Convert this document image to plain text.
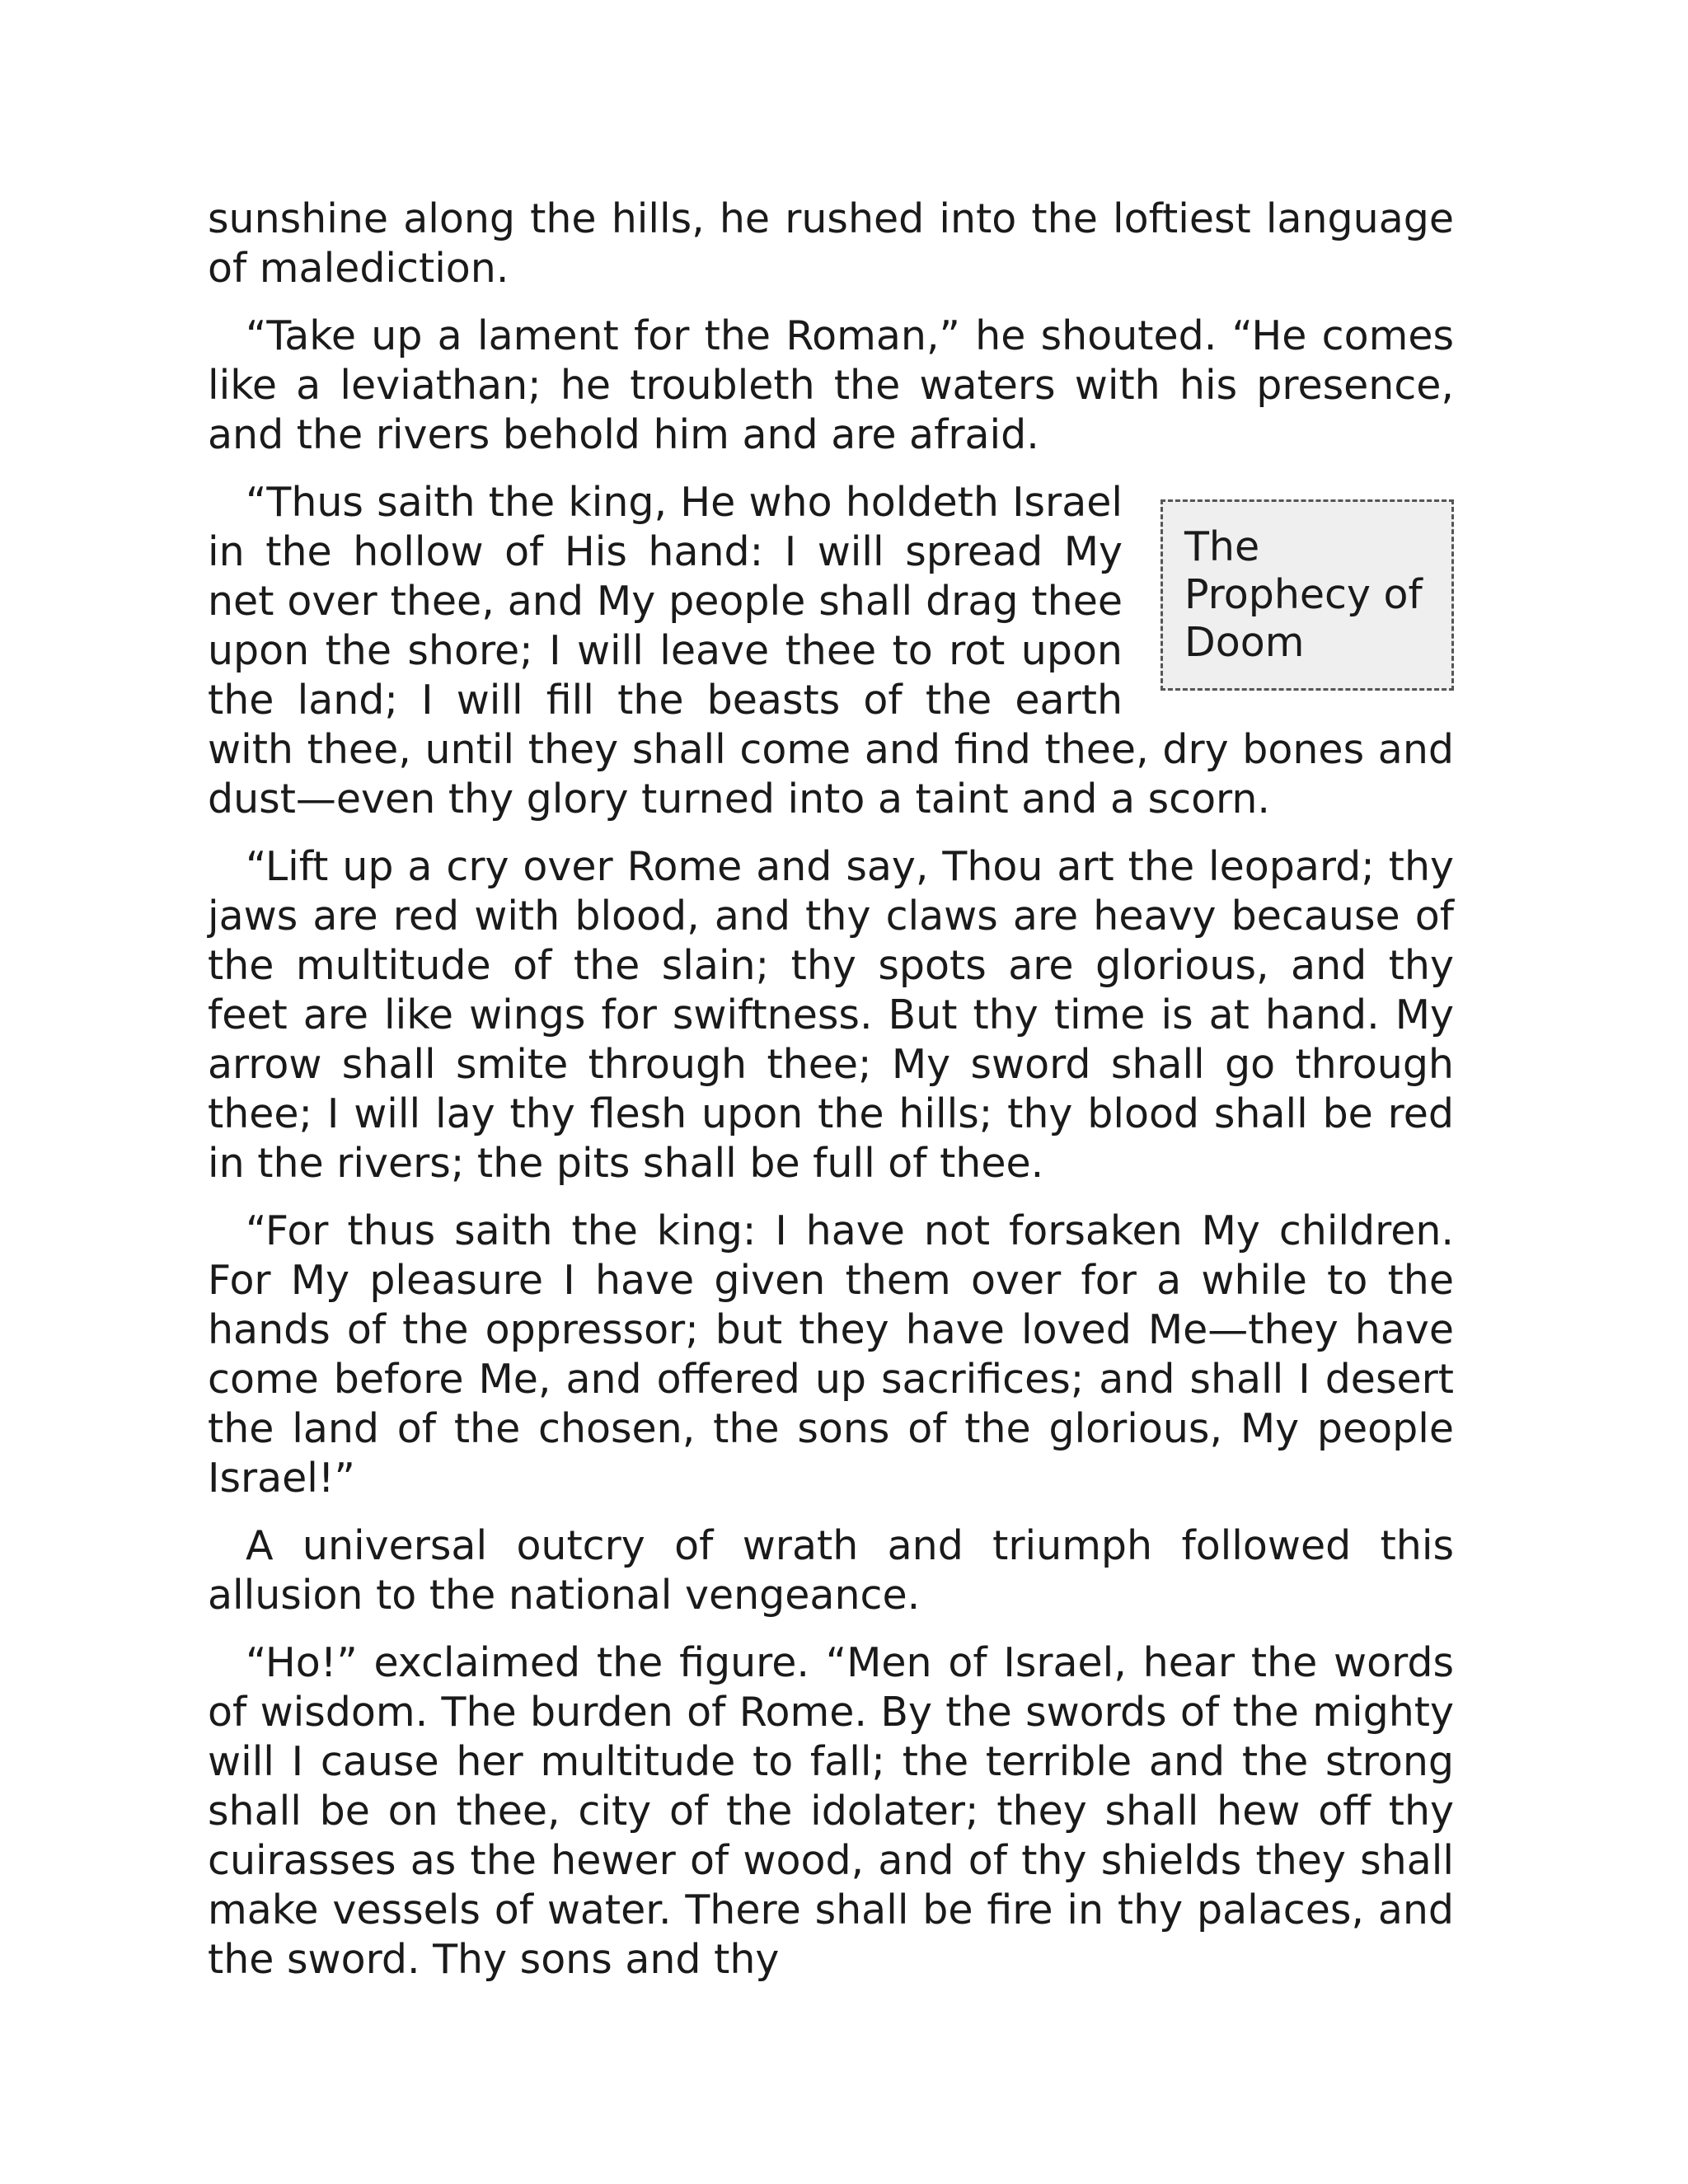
sunshine along the hills, he rushed into the loftiest language of malediction.

“Take up a lament for the Roman,” he shouted. “He comes like a leviathan; he troubleth the waters with his presence, and the rivers behold him and are afraid.

The Prophecy of Doom

“Thus saith the king, He who holdeth Israel in the hollow of His hand: I will spread My net over thee, and My people shall drag thee upon the shore; I will leave thee to rot upon the land; I will fill the beasts of the earth with thee, until they shall come and find thee, dry bones and dust—even thy glory turned into a taint and a scorn.

“Lift up a cry over Rome and say, Thou art the leopard; thy jaws are red with blood, and thy claws are heavy because of the multitude of the slain; thy spots are glorious, and thy feet are like wings for swiftness. But thy time is at hand. My arrow shall smite through thee; My sword shall go through thee; I will lay thy flesh upon the hills; thy blood shall be red in the rivers; the pits shall be full of thee.

“For thus saith the king: I have not forsaken My children. For My pleasure I have given them over for a while to the hands of the oppressor; but they have loved Me—they have come before Me, and offered up sacrifices; and shall I desert the land of the chosen, the sons of the glorious, My people Israel!”

A universal outcry of wrath and triumph followed this allusion to the national vengeance.

“Ho!” exclaimed the figure. “Men of Israel, hear the words of wisdom. The burden of Rome. By the swords of the mighty will I cause her multitude to fall; the terrible and the strong shall be on thee, city of the idolater; they shall hew off thy cuirasses as the hewer of wood, and of thy shields they shall make vessels of water. There shall be fire in thy palaces, and the sword. Thy sons and thy
